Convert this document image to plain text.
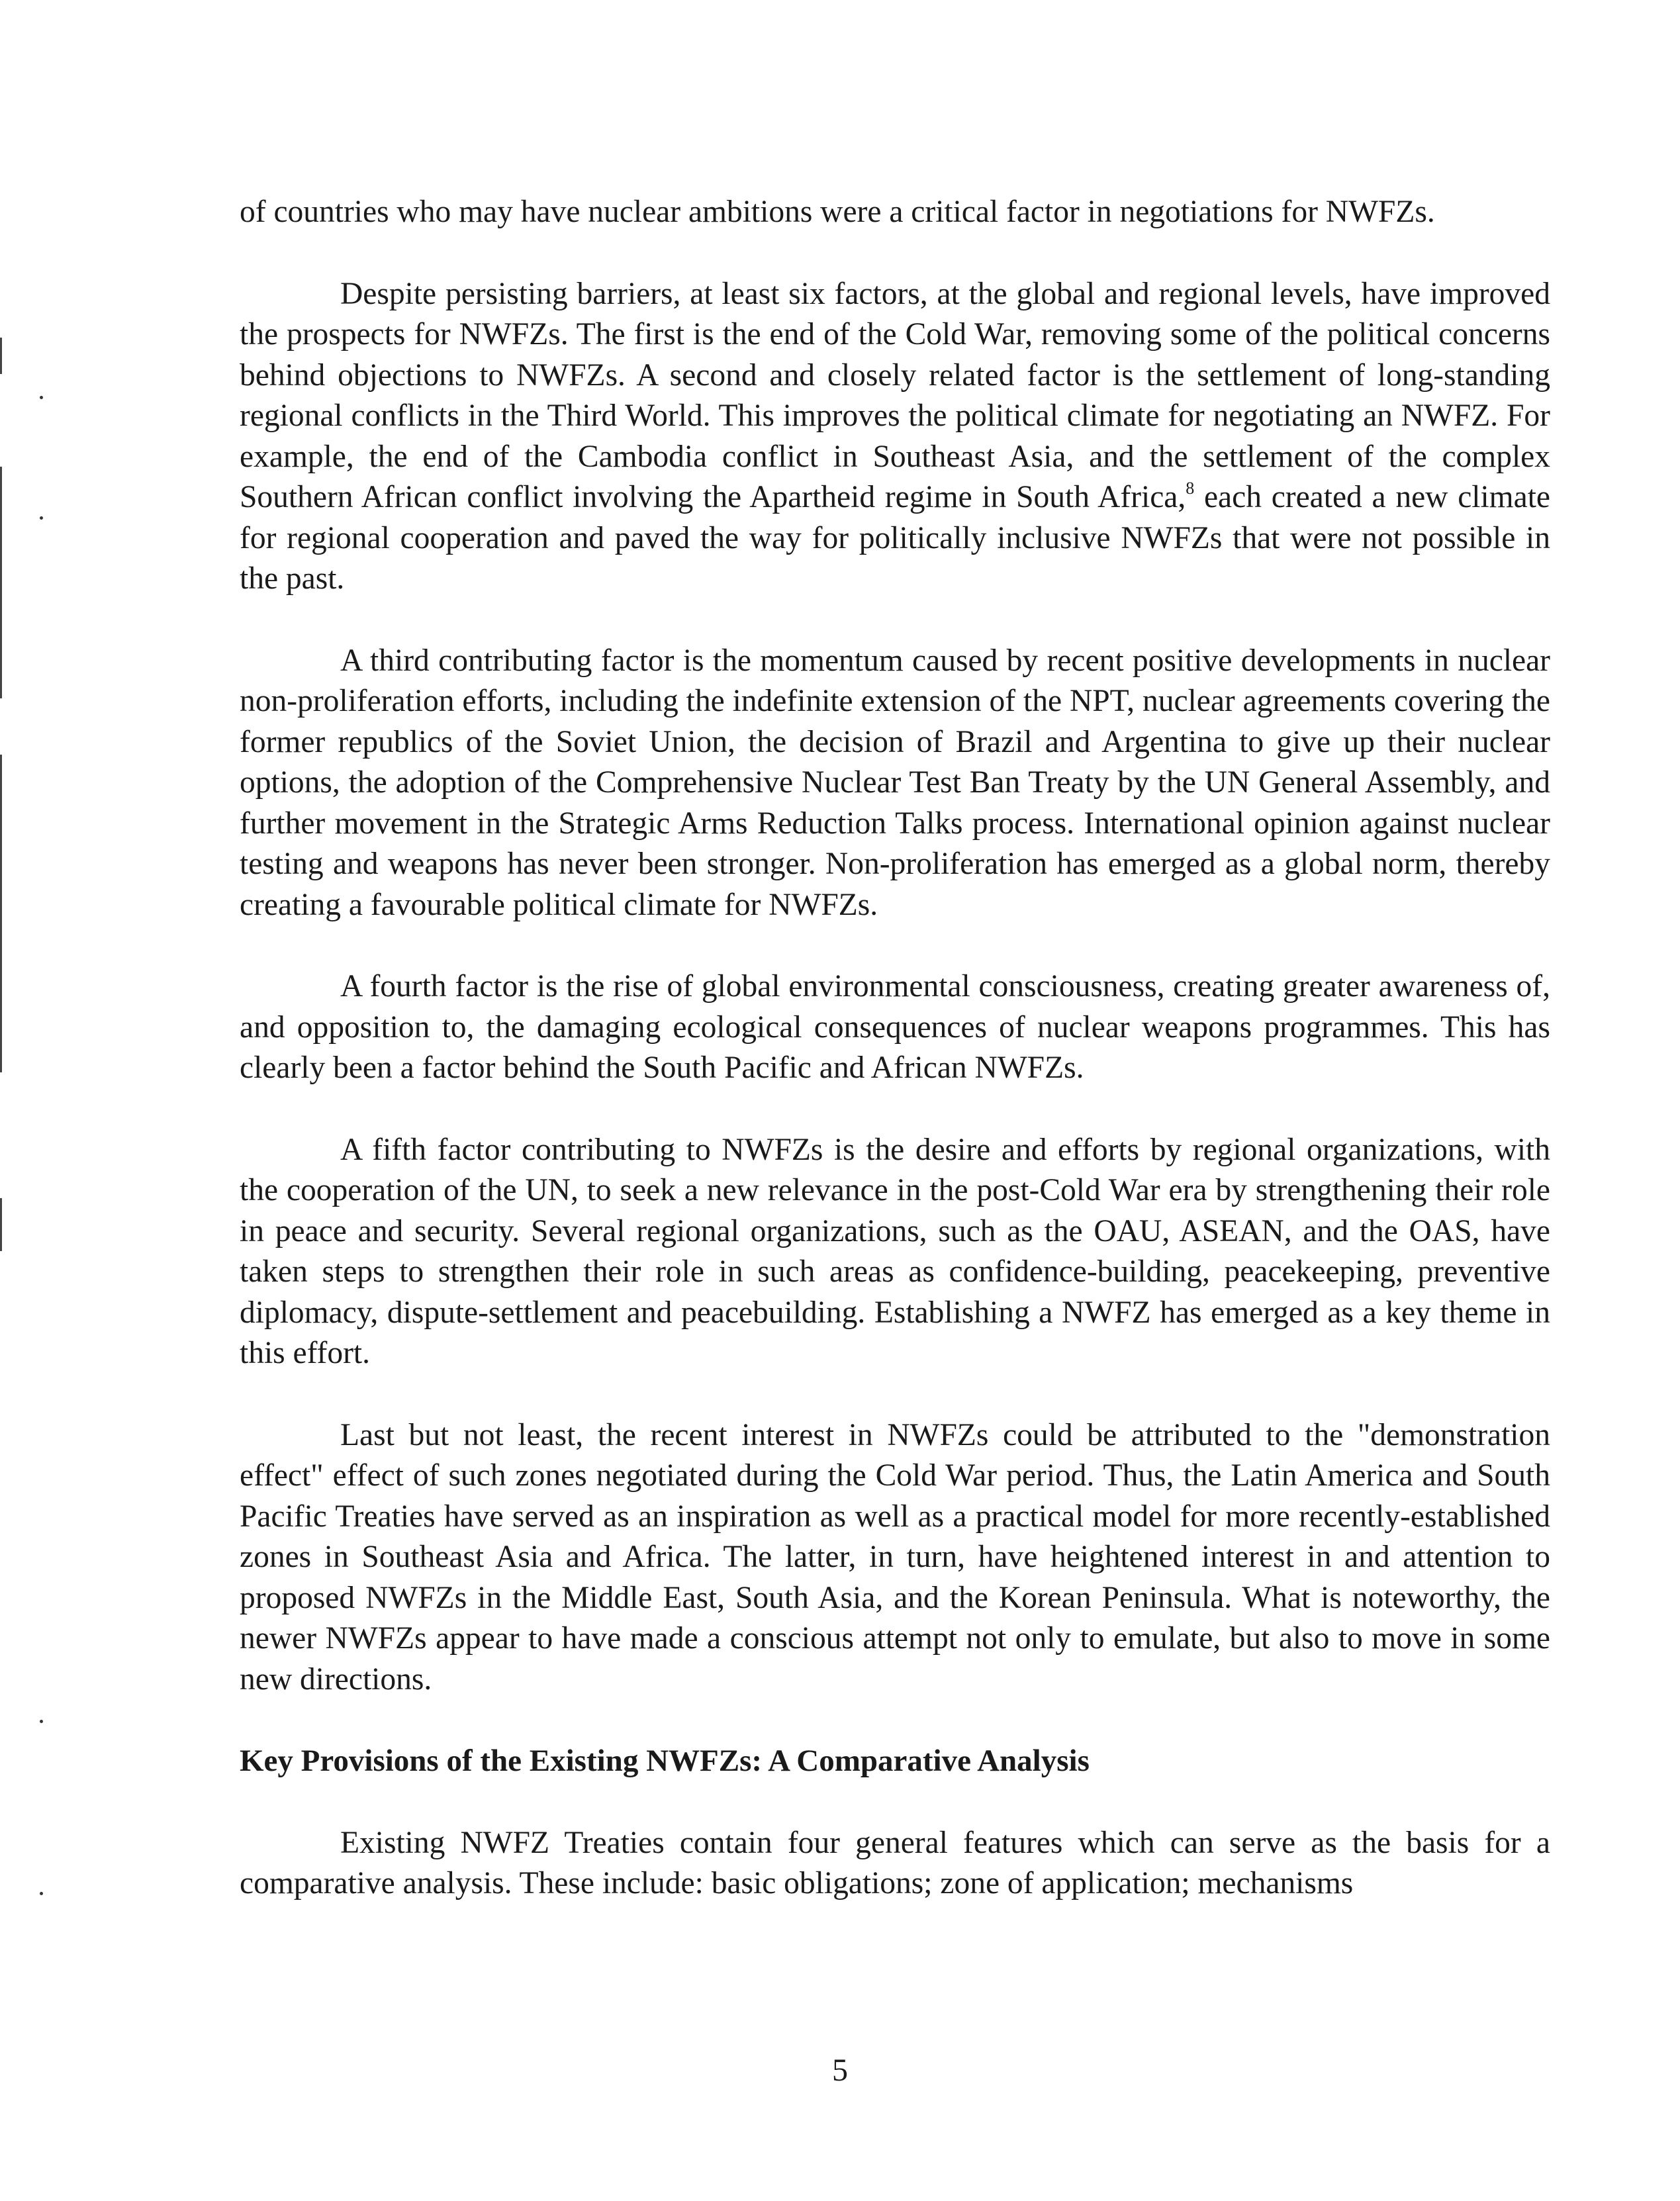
of countries who may have nuclear ambitions were a critical factor in negotiations for NWFZs.

Despite persisting barriers, at least six factors, at the global and regional levels, have improved the prospects for NWFZs. The first is the end of the Cold War, removing some of the political concerns behind objections to NWFZs. A second and closely related factor is the settlement of long-standing regional conflicts in the Third World. This improves the political climate for negotiating an NWFZ. For example, the end of the Cambodia conflict in Southeast Asia, and the settlement of the complex Southern African conflict involving the Apartheid regime in South Africa,$^8$ each created a new climate for regional cooperation and paved the way for politically inclusive NWFZs that were not possible in the past.

A third contributing factor is the momentum caused by recent positive developments in nuclear non-proliferation efforts, including the indefinite extension of the NPT, nuclear agreements covering the former republics of the Soviet Union, the decision of Brazil and Argentina to give up their nuclear options, the adoption of the Comprehensive Nuclear Test Ban Treaty by the UN General Assembly, and further movement in the Strategic Arms Reduction Talks process. International opinion against nuclear testing and weapons has never been stronger. Non-proliferation has emerged as a global norm, thereby creating a favourable political climate for NWFZs.

A fourth factor is the rise of global environmental consciousness, creating greater awareness of, and opposition to, the damaging ecological consequences of nuclear weapons programmes. This has clearly been a factor behind the South Pacific and African NWFZs.

A fifth factor contributing to NWFZs is the desire and efforts by regional organizations, with the cooperation of the UN, to seek a new relevance in the post-Cold War era by strengthening their role in peace and security. Several regional organizations, such as the OAU, ASEAN, and the OAS, have taken steps to strengthen their role in such areas as confidence-building, peacekeeping, preventive diplomacy, dispute-settlement and peacebuilding. Establishing a NWFZ has emerged as a key theme in this effort.

Last but not least, the recent interest in NWFZs could be attributed to the "demonstration effect" effect of such zones negotiated during the Cold War period. Thus, the Latin America and South Pacific Treaties have served as an inspiration as well as a practical model for more recently-established zones in Southeast Asia and Africa. The latter, in turn, have heightened interest in and attention to proposed NWFZs in the Middle East, South Asia, and the Korean Peninsula. What is noteworthy, the newer NWFZs appear to have made a conscious attempt not only to emulate, but also to move in some new directions.

Key Provisions of the Existing NWFZs: A Comparative Analysis

Existing NWFZ Treaties contain four general features which can serve as the basis for a comparative analysis. These include: basic obligations; zone of application; mechanisms

5
